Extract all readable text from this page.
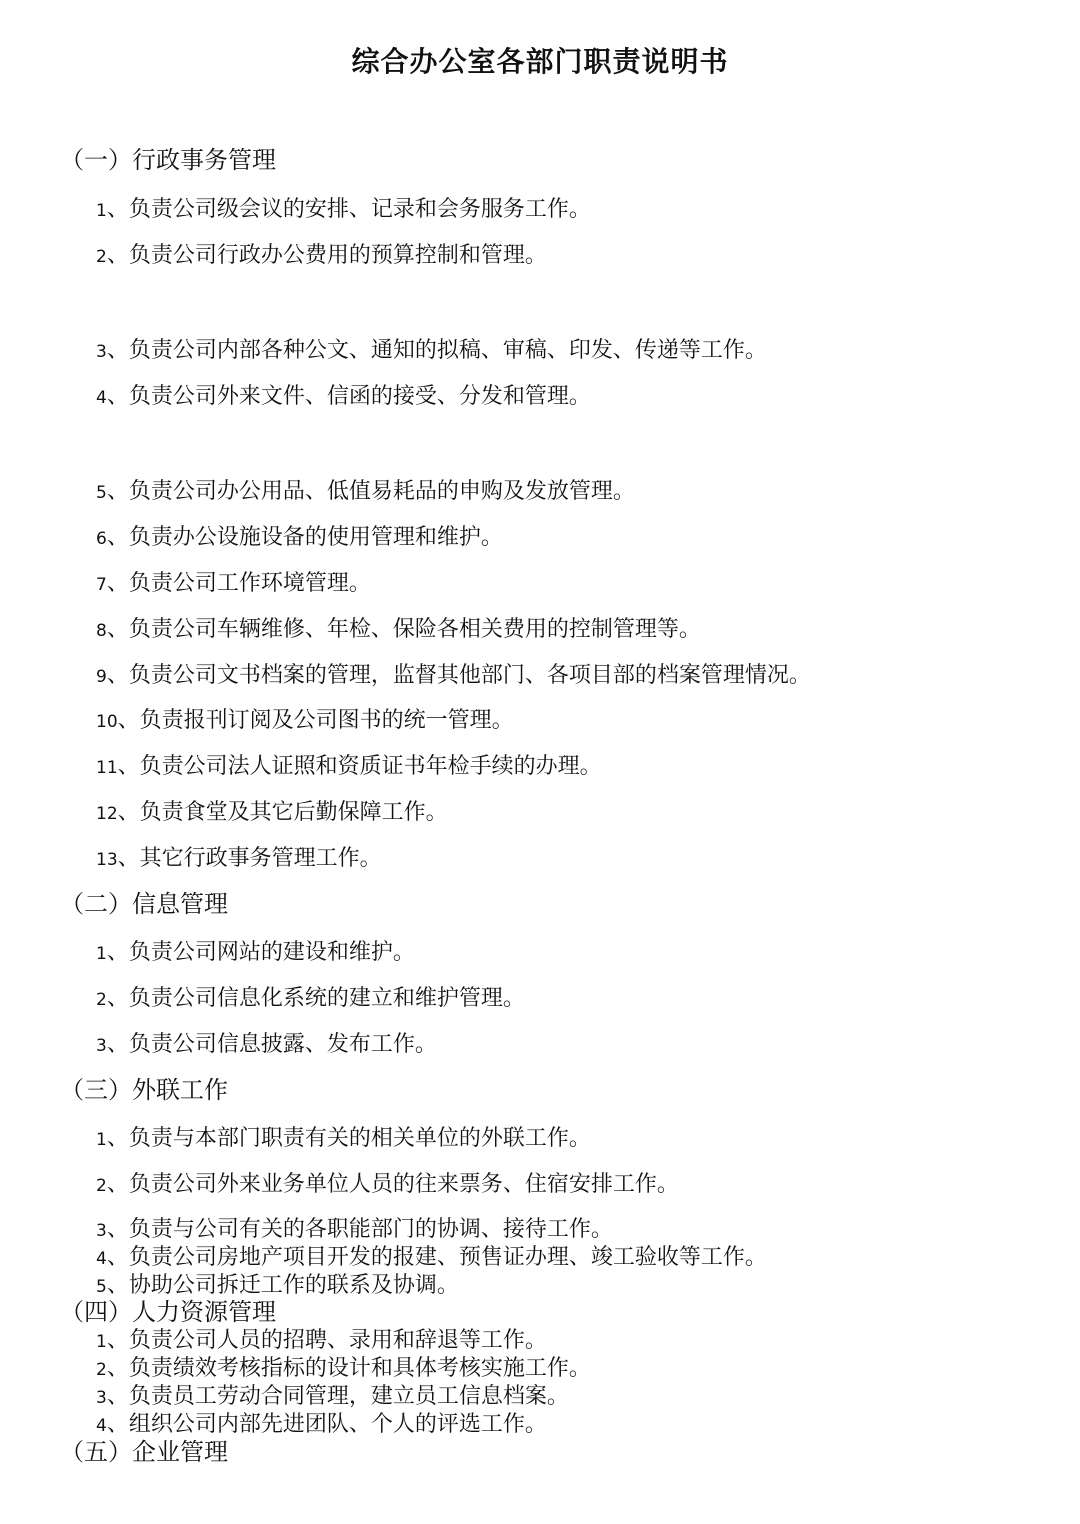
综合办公室各部门职责说明书
（一）行政事务管理
1、负责公司级会议的安排、记录和会务服务工作。
2、负责公司行政办公费用的预算控制和管理。
3、负责公司内部各种公文、通知的拟稿、审稿、印发、传递等工作。
4、负责公司外来文件、信函的接受、分发和管理。
5、负责公司办公用品、低值易耗品的申购及发放管理。
6、负责办公设施设备的使用管理和维护。
7、负责公司工作环境管理。
8、负责公司车辆维修、年检、保险各相关费用的控制管理等。
9、负责公司文书档案的管理，监督其他部门、各项目部的档案管理情况。
10、负责报刊订阅及公司图书的统一管理。
11、负责公司法人证照和资质证书年检手续的办理。
12、负责食堂及其它后勤保障工作。
13、其它行政事务管理工作。
（二）信息管理
1、负责公司网站的建设和维护。
2、负责公司信息化系统的建立和维护管理。
3、负责公司信息披露、发布工作。
（三）外联工作
1、负责与本部门职责有关的相关单位的外联工作。
2、负责公司外来业务单位人员的往来票务、住宿安排工作。
3、负责与公司有关的各职能部门的协调、接待工作。
4、负责公司房地产项目开发的报建、预售证办理、竣工验收等工作。
5、协助公司拆迁工作的联系及协调。
（四）人力资源管理
1、负责公司人员的招聘、录用和辞退等工作。
2、负责绩效考核指标的设计和具体考核实施工作。
3、负责员工劳动合同管理，建立员工信息档案。
4、组织公司内部先进团队、个人的评选工作。
（五）企业管理
